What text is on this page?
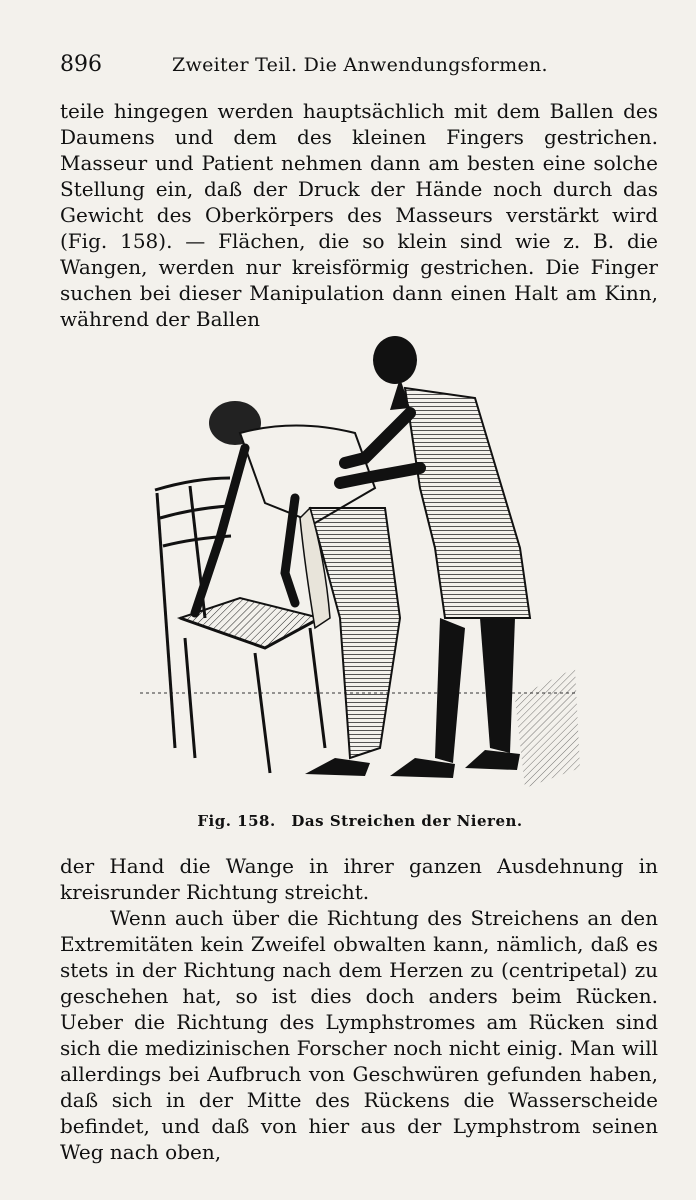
896	Zweiter Teil. Die Anwendungsformen.

teile hingegen werden hauptsächlich mit dem Ballen des Daumens und dem des kleinen Fingers gestrichen. Masseur und Patient nehmen dann am besten eine solche Stellung ein, daß der Druck der Hände noch durch das Gewicht des Oberkörpers des Masseurs verstärkt wird (Fig. 158). — Flächen, die so klein sind wie z. B. die Wangen, werden nur kreisförmig gestrichen. Die Finger suchen bei dieser Manipulation dann einen Halt am Kinn, während der Ballen

Fig. 158. Das Streichen der Nieren.

der Hand die Wange in ihrer ganzen Ausdehnung in kreisrunder Richtung streicht.

Wenn auch über die Richtung des Streichens an den Extremitäten kein Zweifel obwalten kann, nämlich, daß es stets in der Richtung nach dem Herzen zu (centripetal) zu geschehen hat, so ist dies doch anders beim Rücken. Ueber die Richtung des Lymphstromes am Rücken sind sich die medizinischen Forscher noch nicht einig. Man will allerdings bei Aufbruch von Geschwüren gefunden haben, daß sich in der Mitte des Rückens die Wasserscheide befindet, und daß von hier aus der Lymphstrom seinen Weg nach oben,
